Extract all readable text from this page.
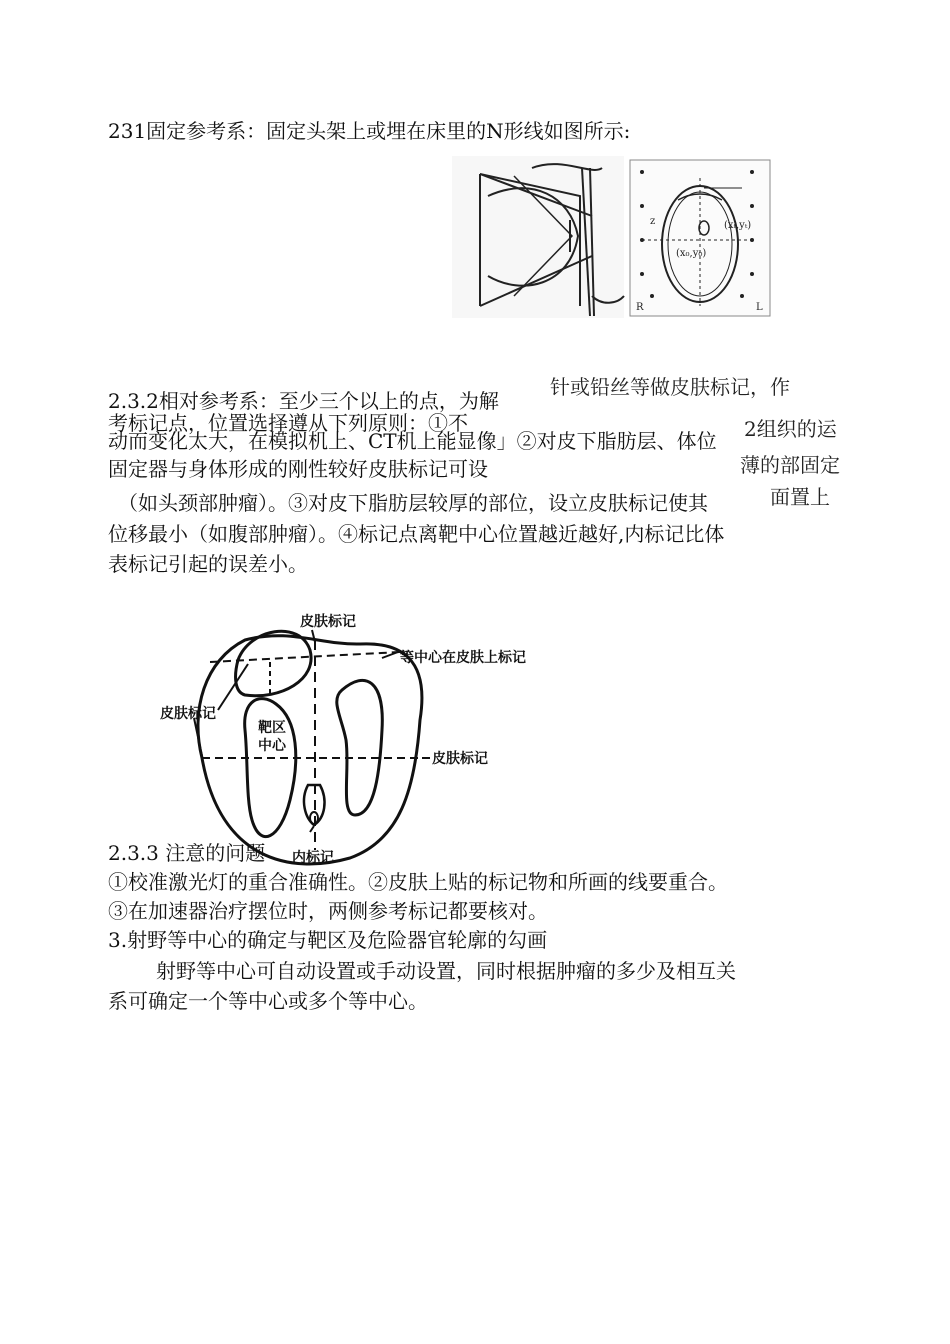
231固定参考系：固定头架上或埋在床里的N形线如图所示:
(xₜ,yₜ)
(x₀,y₀)
z
R	L
2.3.2相对参考系：至少三个以上的点，为解
考标记点，位置选择遵从下列原则：①不
动而变化太大，在模拟机上、CT机上能显像」②对皮下脂肪层、体位
固定器与身体形成的刚性较好皮肤标记可设
（如头颈部肿瘤）。③对皮下脂肪层较厚的部位，设立皮肤标记使其
位移最小（如腹部肿瘤）。④标记点离靶中心位置越近越好,内标记比体
表标记引起的误差小。
针或铅丝等做皮肤标记，作
2组织的运
薄的部固定
面置上
皮肤标记
等中心在皮肤上标记
皮肤标记
靶区
中心
皮肤标记
内标记
2.3.3 注意的问题
①校准激光灯的重合准确性。②皮肤上贴的标记物和所画的线要重合。
③在加速器治疗摆位时，两侧参考标记都要核对。
3.射野等中心的确定与靶区及危险器官轮廓的勾画
射野等中心可自动设置或手动设置，同时根据肿瘤的多少及相互关
系可确定一个等中心或多个等中心。
